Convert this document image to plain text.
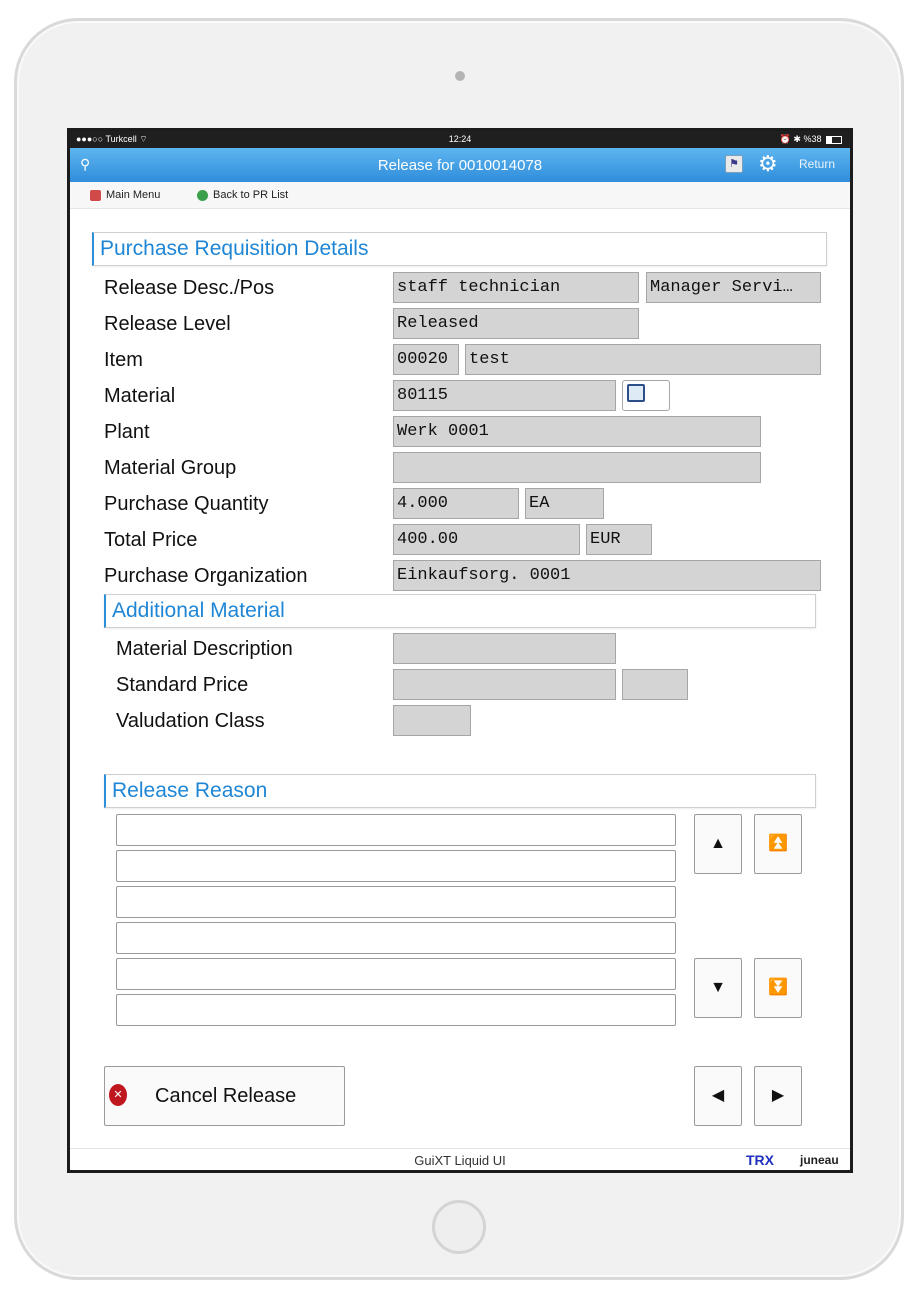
●●●○○ Turkcell ⌔	12:24	⏰ ✱ %38
⚲	Release for 0010014078	⚑ ⚙ Return
Main Menu	Back to PR List
Purchase Requisition Details
Release Desc./Pos	staff technician	Manager Servi…
Release Level	Released
Item	00020	test
Material	80115
Plant	Werk 0001
Material Group
Purchase Quantity	4.000	EA
Total Price	400.00	EUR
Purchase Organization	Einkaufsorg. 0001
Additional Material
Material Description
Standard Price
Valudation Class
Release Reason
▲	⏫
▼	⏬
✕ Cancel Release	◀	▶
GuiXT Liquid UI	TRX juneau
